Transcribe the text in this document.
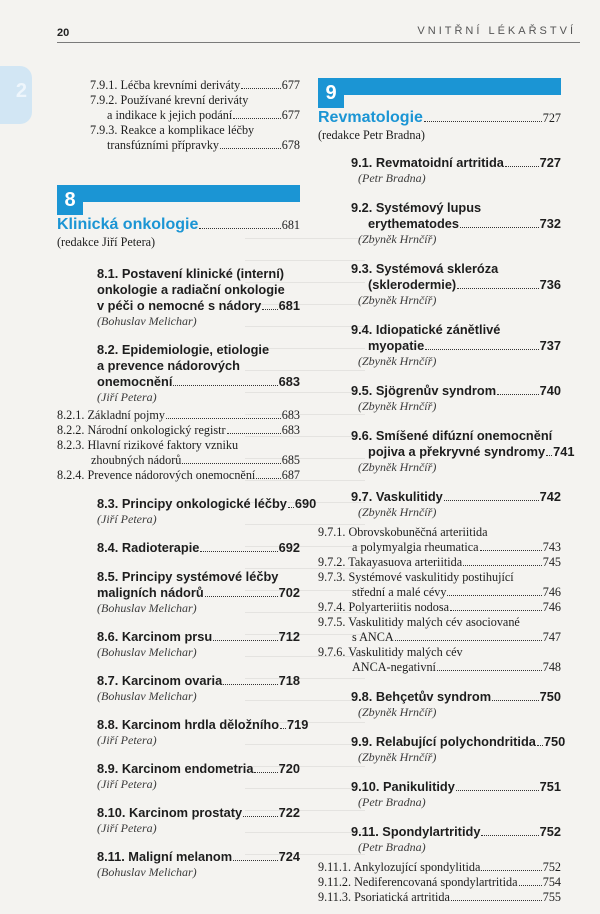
20	VNITŘNÍ LÉKAŘSTVÍ
2	7.9.1. Léčba krevními deriváty	677
7.9.2. Používané krevní deriváty
a indikace k jejich podání	677
7.9.3. Reakce a komplikace léčby
transfúzními přípravky	678
8
Klinická onkologie	681
(redakce Jiří Petera)
8.1. Postavení klinické (interní)
onkologie a radiační onkologie
v péči o nemocné s nádory 681
(Bohuslav Melichar)
8.2. Epidemiologie, etiologie
a prevence nádorových
onemocnění	683
(Jiří Petera)
8.2.1. Základní pojmy	683
8.2.2. Národní onkologický registr	683
8.2.3. Hlavní rizikové faktory vzniku
zhoubných nádorů	685
8.2.4. Prevence nádorových onemocnění 687
8.3. Principy onkologické léčby 690
(Jiří Petera)
8.4. Radioterapie	692
8.5. Principy systémové léčby
maligních nádorů	702
(Bohuslav Melichar)
8.6. Karcinom prsu	712
(Bohuslav Melichar)
8.7. Karcinom ovaria	718
(Bohuslav Melichar)
8.8. Karcinom hrdla děložního 719
(Jiří Petera)
8.9. Karcinom endometria 720
(Jiří Petera)
8.10. Karcinom prostaty	722
(Jiří Petera)
8.11. Maligní melanom	724
(Bohuslav Melichar)
9
Revmatologie	727
(redakce Petr Bradna)
9.1. Revmatoidní artritida	727
(Petr Bradna)
9.2. Systémový lupus
erythematodes	732
(Zbyněk Hrnčíř)
9.3. Systémová skleróza
(sklerodermie)	736
(Zbyněk Hrnčíř)
9.4. Idiopatické zánětlivé
myopatie	737
(Zbyněk Hrnčíř)
9.5. Sjögrenův syndrom	740
(Zbyněk Hrnčíř)
9.6. Smíšené difúzní onemocnění
pojiva a překryvné syndromy 741
(Zbyněk Hrnčíř)
9.7. Vaskulitidy	742
(Zbyněk Hrnčíř)
9.7.1. Obrovskobuněčná arteriitida
a polymyalgia rheumatica	743
9.7.2. Takayasuova arteriitida	745
9.7.3. Systémové vaskulitidy postihující
střední a malé cévy	746
9.7.4. Polyarteriitis nodosa	746
9.7.5. Vaskulitidy malých cév asociované
s ANCA	747
9.7.6. Vaskulitidy malých cév
ANCA-negativní	748
9.8. Behçetův syndrom	750
(Zbyněk Hrnčíř)
9.9. Relabující polychondritida 750
(Zbyněk Hrnčíř)
9.10. Panikulitidy	751
(Petr Bradna)
9.11. Spondylartritidy	752
(Petr Bradna)
9.11.1. Ankylozující spondylitida	752
9.11.2. Nediferencovaná spondylartritida 754
9.11.3. Psoriatická artritida	755
